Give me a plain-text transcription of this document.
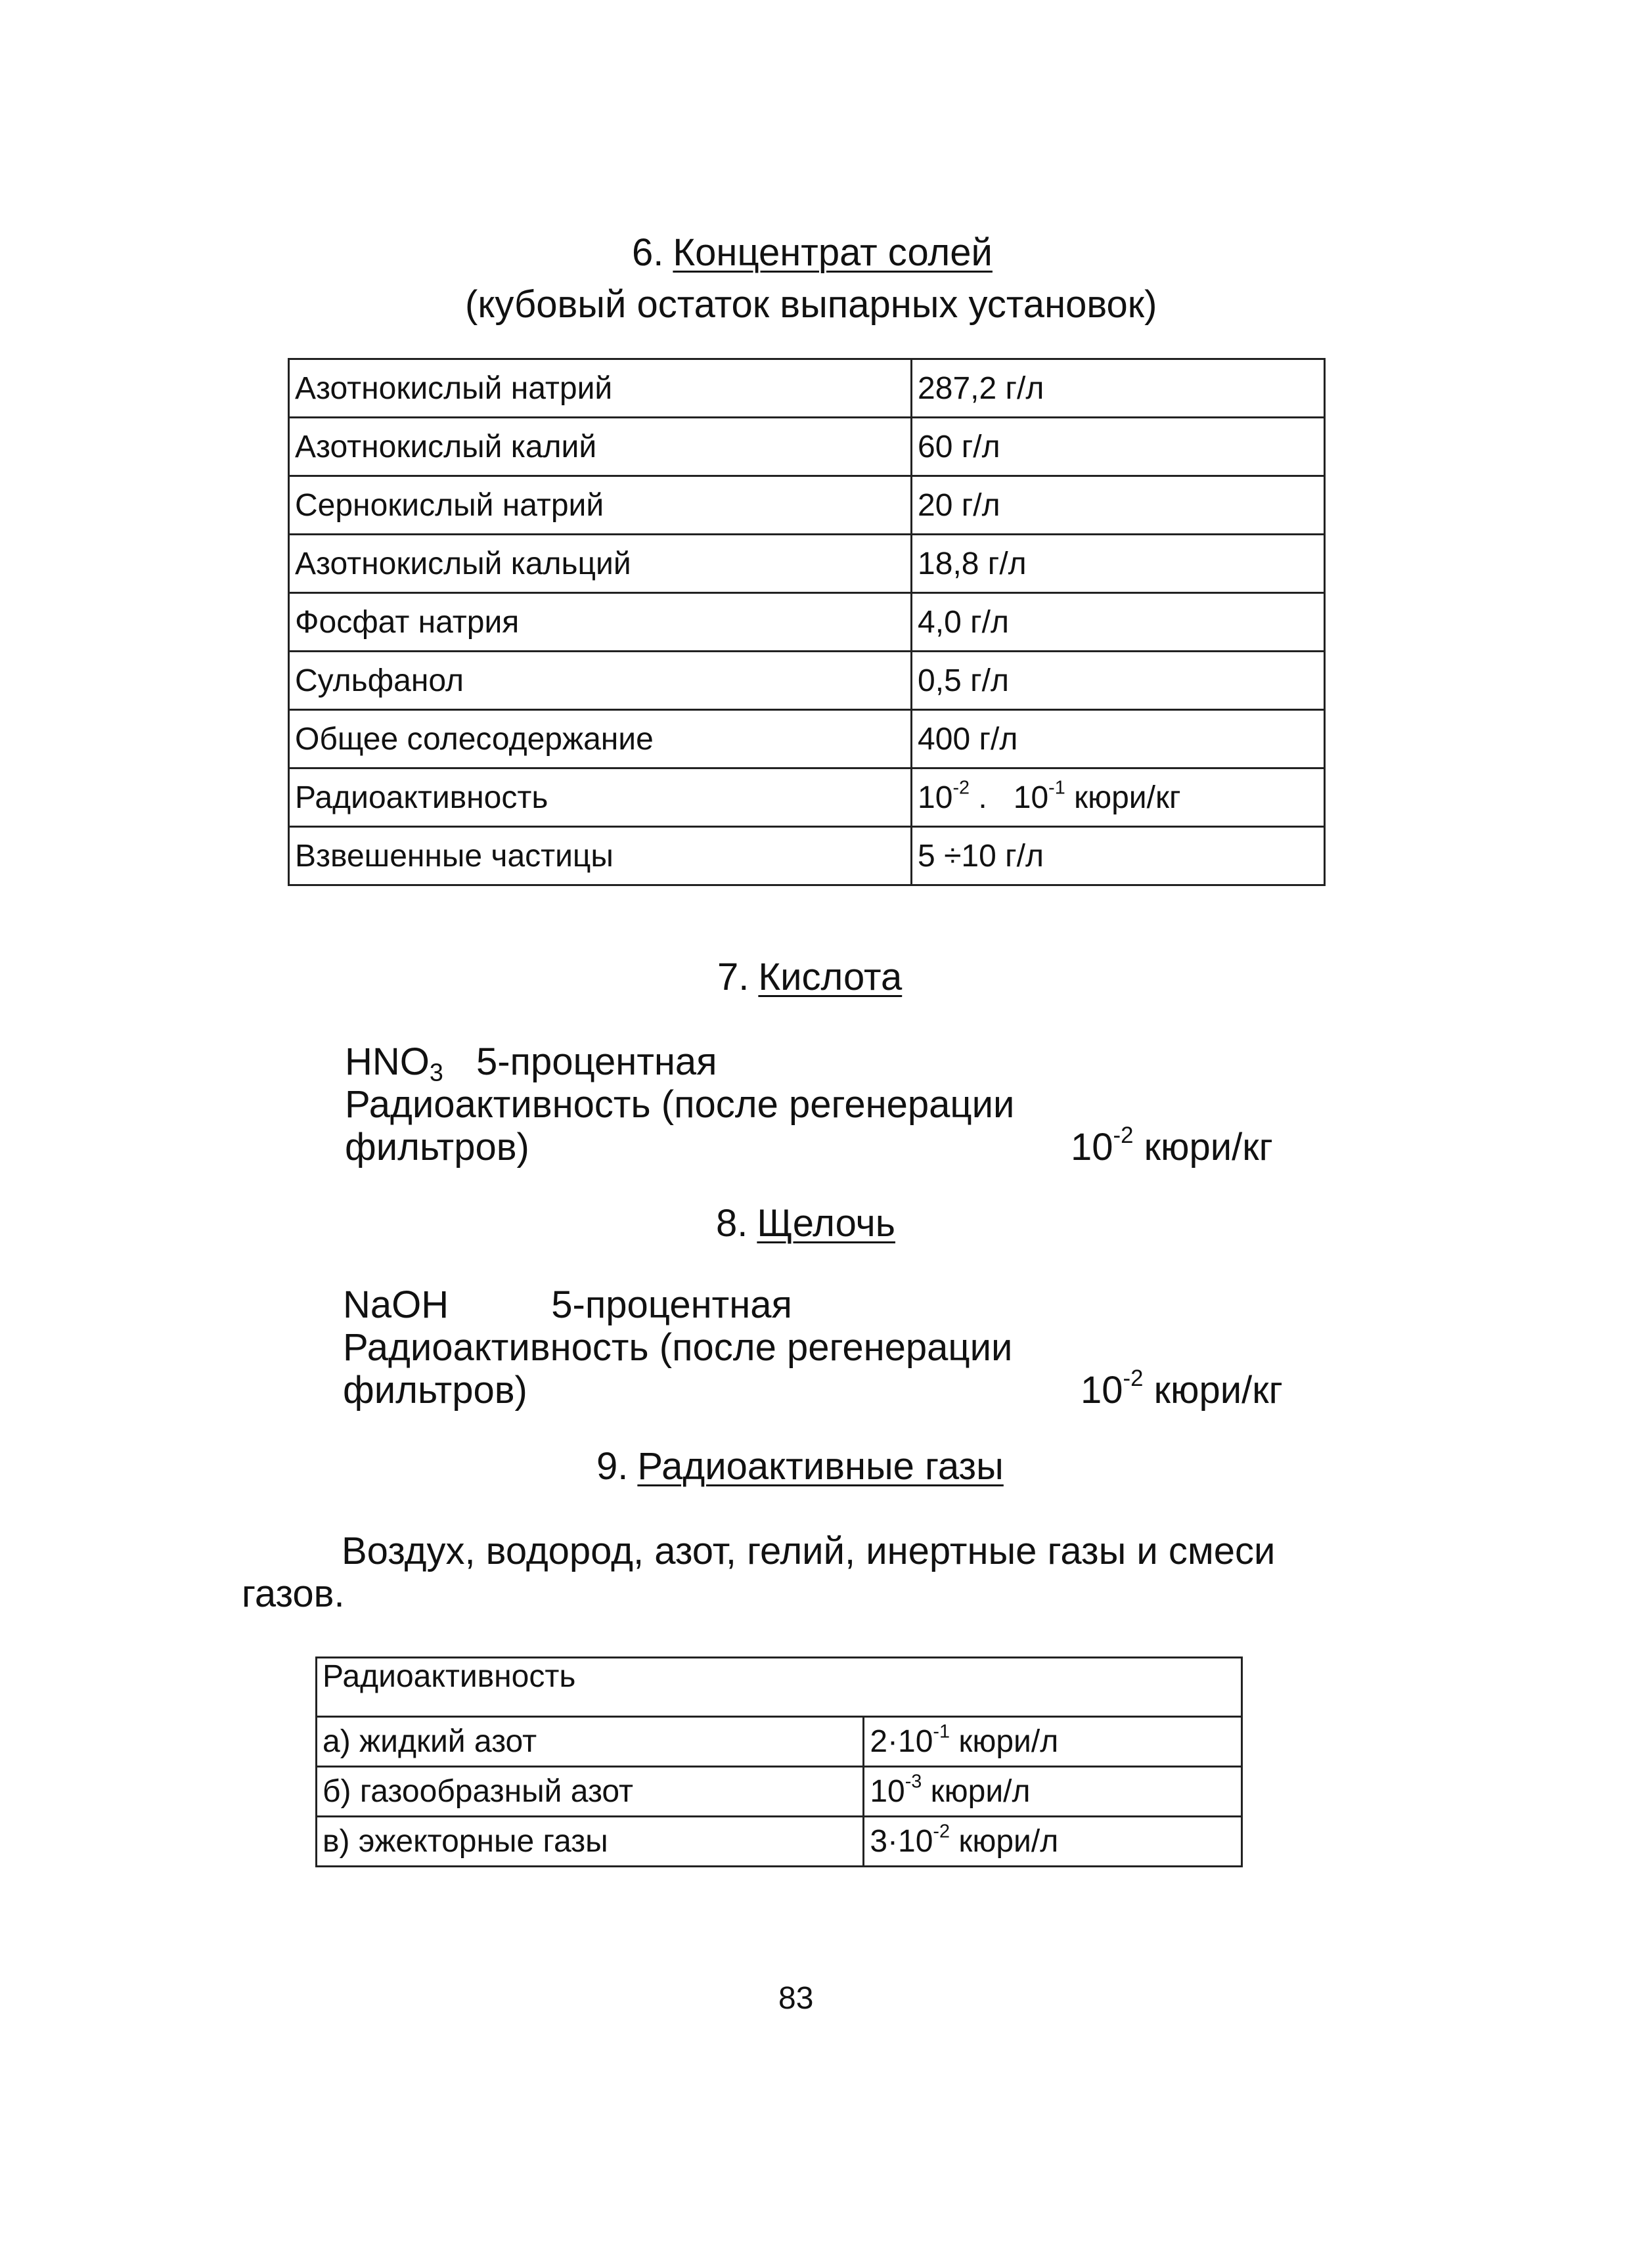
6. Концентрат солей
(кубовый остаток выпарных установок)
Азотнокислый натрий	287,2 г/л
Азотнокислый калий	60 г/л
Сернокислый натрий	20 г/л
Азотнокислый кальций	18,8 г/л
Фосфат натрия	4,0 г/л
Сульфанол	0,5 г/л
Общее солесодержание	400 г/л
Радиоактивность	$10^{-2}$ . $10^{-1}$ кюри/кг
Взвешенные частицы	5 ÷10 г/л
7. Кислота
$HNO_3$ 5-процентная
Радиоактивность (после регенерации
фильтров)	$10^{-2}$ кюри/кг
8. Щелочь
NaOH	5-процентная
Радиоактивность (после регенерации
фильтров)	$10^{-2}$ кюри/кг
9. Радиоактивные газы
Воздух, водород, азот, гелий, инертные газы и смеси
газов.
Радиоактивность	
а) жидкий азот	$2\cdot 10^{-1}$ кюри/л
б) газообразный азот	$10^{-3}$ кюри/л
в) эжекторные газы	$3\cdot 10^{-2}$ кюри/л
83
